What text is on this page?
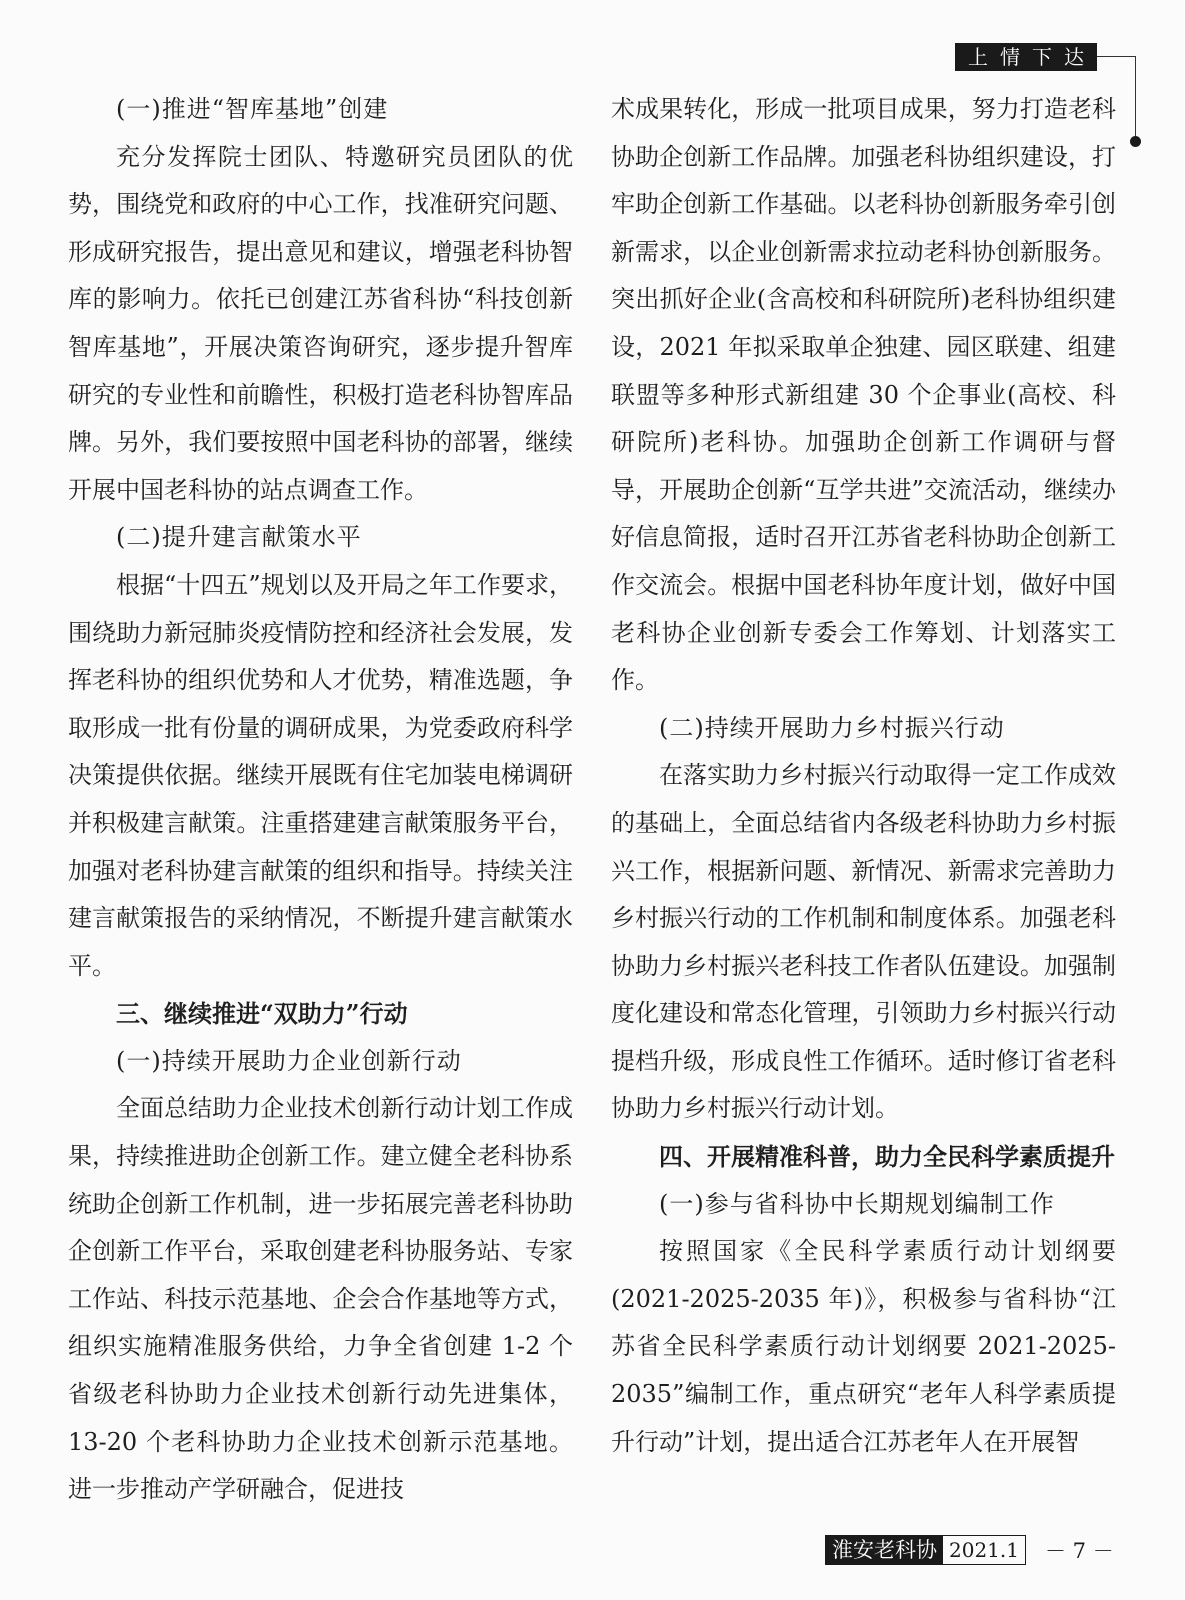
上情下达

(一)推进“智库基地”创建

充分发挥院士团队、特邀研究员团队的优势，围绕党和政府的中心工作，找准研究问题、形成研究报告，提出意见和建议，增强老科协智库的影响力。依托已创建江苏省科协“科技创新智库基地”，开展决策咨询研究，逐步提升智库研究的专业性和前瞻性，积极打造老科协智库品牌。另外，我们要按照中国老科协的部署，继续开展中国老科协的站点调查工作。

(二)提升建言献策水平

根据“十四五”规划以及开局之年工作要求，围绕助力新冠肺炎疫情防控和经济社会发展，发挥老科协的组织优势和人才优势，精准选题，争取形成一批有份量的调研成果，为党委政府科学决策提供依据。继续开展既有住宅加装电梯调研并积极建言献策。注重搭建建言献策服务平台，加强对老科协建言献策的组织和指导。持续关注建言献策报告的采纳情况，不断提升建言献策水平。

三、继续推进“双助力”行动

(一)持续开展助力企业创新行动

全面总结助力企业技术创新行动计划工作成果，持续推进助企创新工作。建立健全老科协系统助企创新工作机制，进一步拓展完善老科协助企创新工作平台，采取创建老科协服务站、专家工作站、科技示范基地、企会合作基地等方式，组织实施精准服务供给，力争全省创建 1-2 个省级老科协助力企业技术创新行动先进集体，13-20 个老科协助力企业技术创新示范基地。进一步推动产学研融合，促进技

术成果转化，形成一批项目成果，努力打造老科协助企创新工作品牌。加强老科协组织建设，打牢助企创新工作基础。以老科协创新服务牵引创新需求，以企业创新需求拉动老科协创新服务。突出抓好企业(含高校和科研院所)老科协组织建设，2021 年拟采取单企独建、园区联建、组建联盟等多种形式新组建 30 个企事业(高校、科研院所)老科协。加强助企创新工作调研与督导，开展助企创新“互学共进”交流活动，继续办好信息简报，适时召开江苏省老科协助企创新工作交流会。根据中国老科协年度计划，做好中国老科协企业创新专委会工作筹划、计划落实工作。

(二)持续开展助力乡村振兴行动

在落实助力乡村振兴行动取得一定工作成效的基础上，全面总结省内各级老科协助力乡村振兴工作，根据新问题、新情况、新需求完善助力乡村振兴行动的工作机制和制度体系。加强老科协助力乡村振兴老科技工作者队伍建设。加强制度化建设和常态化管理，引领助力乡村振兴行动提档升级，形成良性工作循环。适时修订省老科协助力乡村振兴行动计划。

四、开展精准科普，助力全民科学素质提升

(一)参与省科协中长期规划编制工作

按照国家《全民科学素质行动计划纲要(2021-2025-2035 年)》，积极参与省科协“江苏省全民科学素质行动计划纲要 2021-2025-2035”编制工作，重点研究“老年人科学素质提升行动”计划，提出适合江苏老年人在开展智

淮安老科协 2021.1 － 7 －
